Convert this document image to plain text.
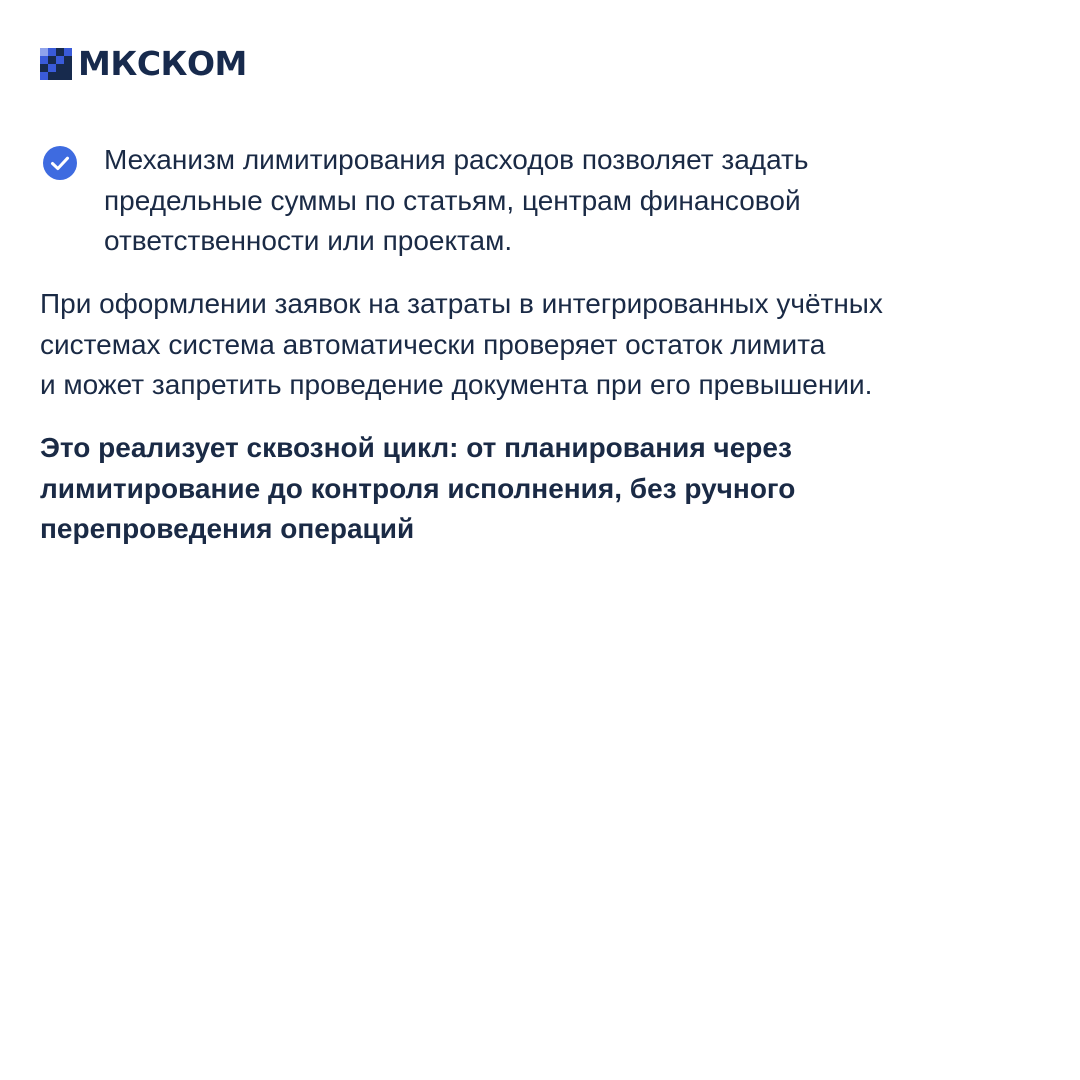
МКСКОМ
Механизм лимитирования расходов позволяет задать
предельные суммы по статьям, центрам финансовой
ответственности или проектам.
При оформлении заявок на затраты в интегрированных учётных
системах система автоматически проверяет остаток лимита
и может запретить проведение документа при его превышении.
Это реализует сквозной цикл: от планирования через
лимитирование до контроля исполнения, без ручного
перепроведения операций
